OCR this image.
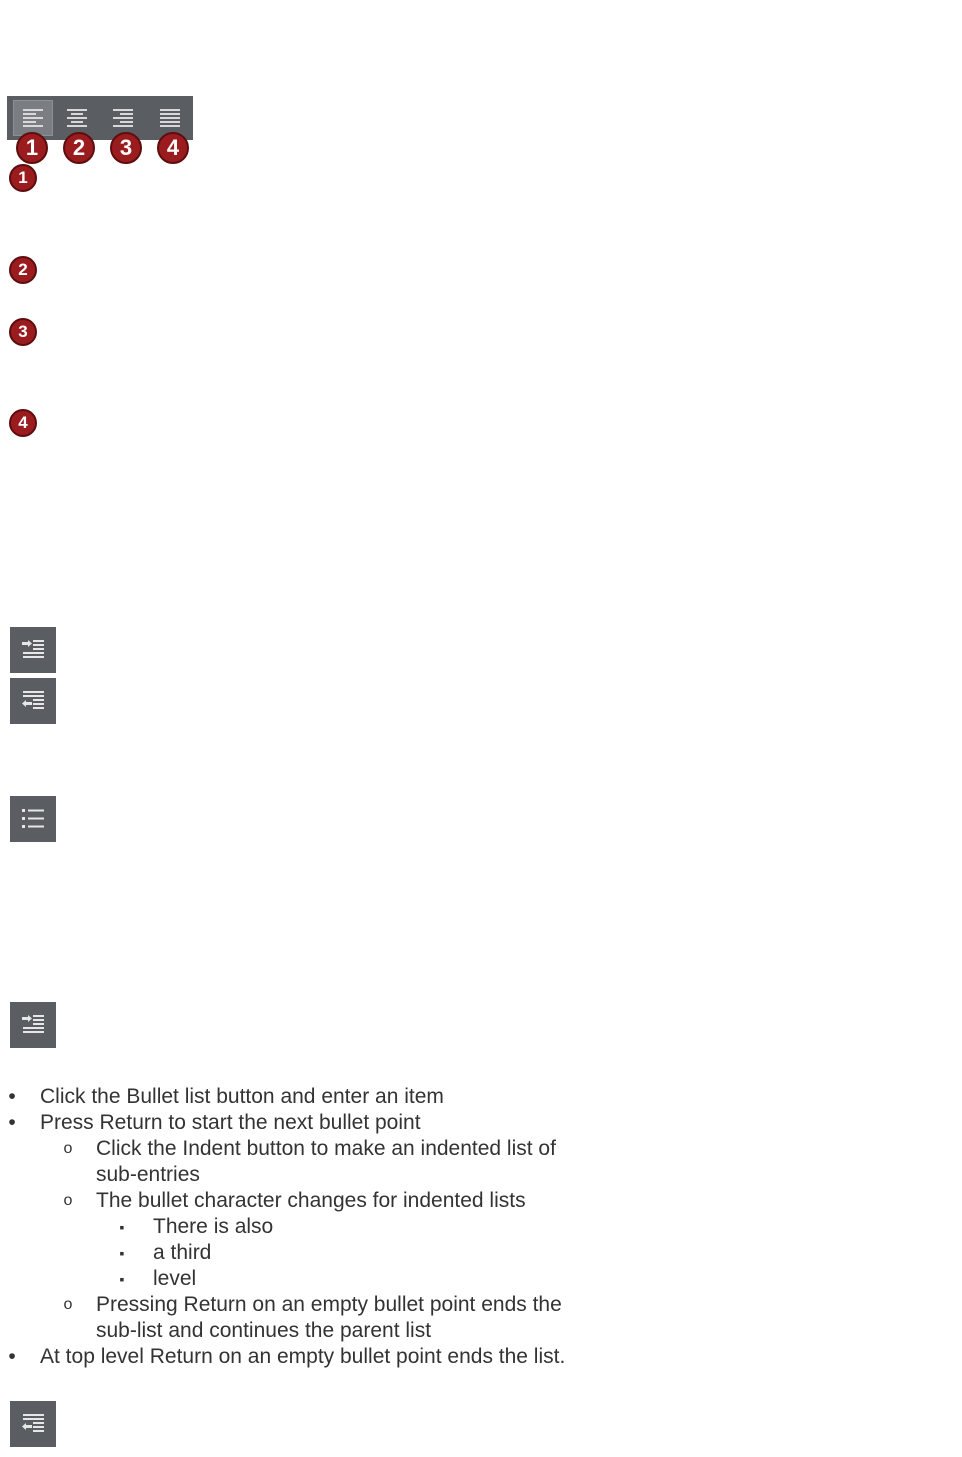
1	2	3	4
1
2
3
4
•	Click the Bullet list button and enter an item
•	Press Return to start the next bullet point
o Click the Indent button to make an indented list of sub-entries
o The bullet character changes for indented lists
▪	There is also
▪	a third
▪	level
o Pressing Return on an empty bullet point ends the sub-list and continues the parent list
•	At top level Return on an empty bullet point ends the list.
